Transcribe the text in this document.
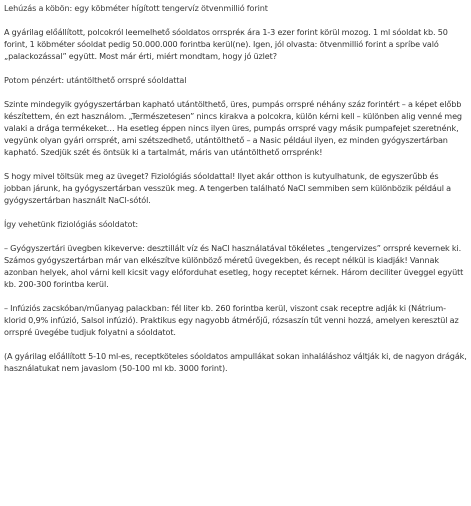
Lehúzás a köbön: egy köbméter hígított tengervíz ötvenmillió forint

A gyárilag előállított, polcokról leemelhető sóoldatos orrspréк ára 1-3 ezer forint körül mozog. 1 ml sóoldat kb. 50 forint, 1 köbméter sóoldat pedig 50.000.000 forintba kerül(ne). Igen, jól olvasta: ötvenmillió forint a spríbe való „palackozással” együtt. Most már érti, miért mondtam, hogy jó üzlet?

Potom pénzért: utántölthető orrspré sóoldattal

Szinte mindegyik gyógyszertárban kapható utántölthető, üres, pumpás orrspré néhány száz forintért – a képet előbb készítettem, én ezt használom. „Természetesen” nincs kirakva a polcokra, külön kérni kell – különben alig venné meg valaki a drága termékeket… Ha esetleg éppen nincs ilyen üres, pumpás orrspré vagy másik pumpafejet szeretnénk, vegyünk olyan gyári orrsprét, ami szétszedhető, utántölthető – a Nasic például ilyen, ez minden gyógyszertárban kapható. Szedjük szét és öntsük ki a tartalmát, máris van utántölthető orrsprénk!

S hogy mivel töltsük meg az üveget? Fiziológiás sóoldattal! Ilyet akár otthon is kutyulhatunk, de egyszerűbb és jobban járunk, ha gyógyszertárban vesszük meg. A tengerben található NaCl semmiben sem különbözik például a gyógyszertárban használt NaCl-sótól.

Így vehetünk fiziológiás sóoldatot:

– Gyógyszertári üvegben kikeverve: desztillált víz és NaCl használatával tökéletes „tengervizes” orrspré kevernek ki. Számos gyógyszertárban már van elkészítve különböző méretű üvegekben, és recept nélkül is kiadják! Vannak azonban helyek, ahol várni kell kicsit vagy elóforduhat esetleg, hogy receptet kérnek. Három deciliter üveggel együtt kb. 200-300 forintba kerül.

– Infúziós zacskóban/műanyag palackban: fél liter kb. 260 forintba kerül, viszont csak receptre adják ki (Nátrium-klorid 0,9% infúzió, Salsol infúzió). Praktikus egy nagyobb átmérőjű, rózsaszín tűt venni hozzá, amelyen keresztül az orrspré üvegébe tudjuk folyatni a sóoldatot.

(A gyárilag előállított 5-10 ml-es, receptköteles sóoldatos ampullákat sokan inhaláláshoz váltják ki, de nagyon drágák, használatukat nem javaslom (50-100 ml kb. 3000 forint).
